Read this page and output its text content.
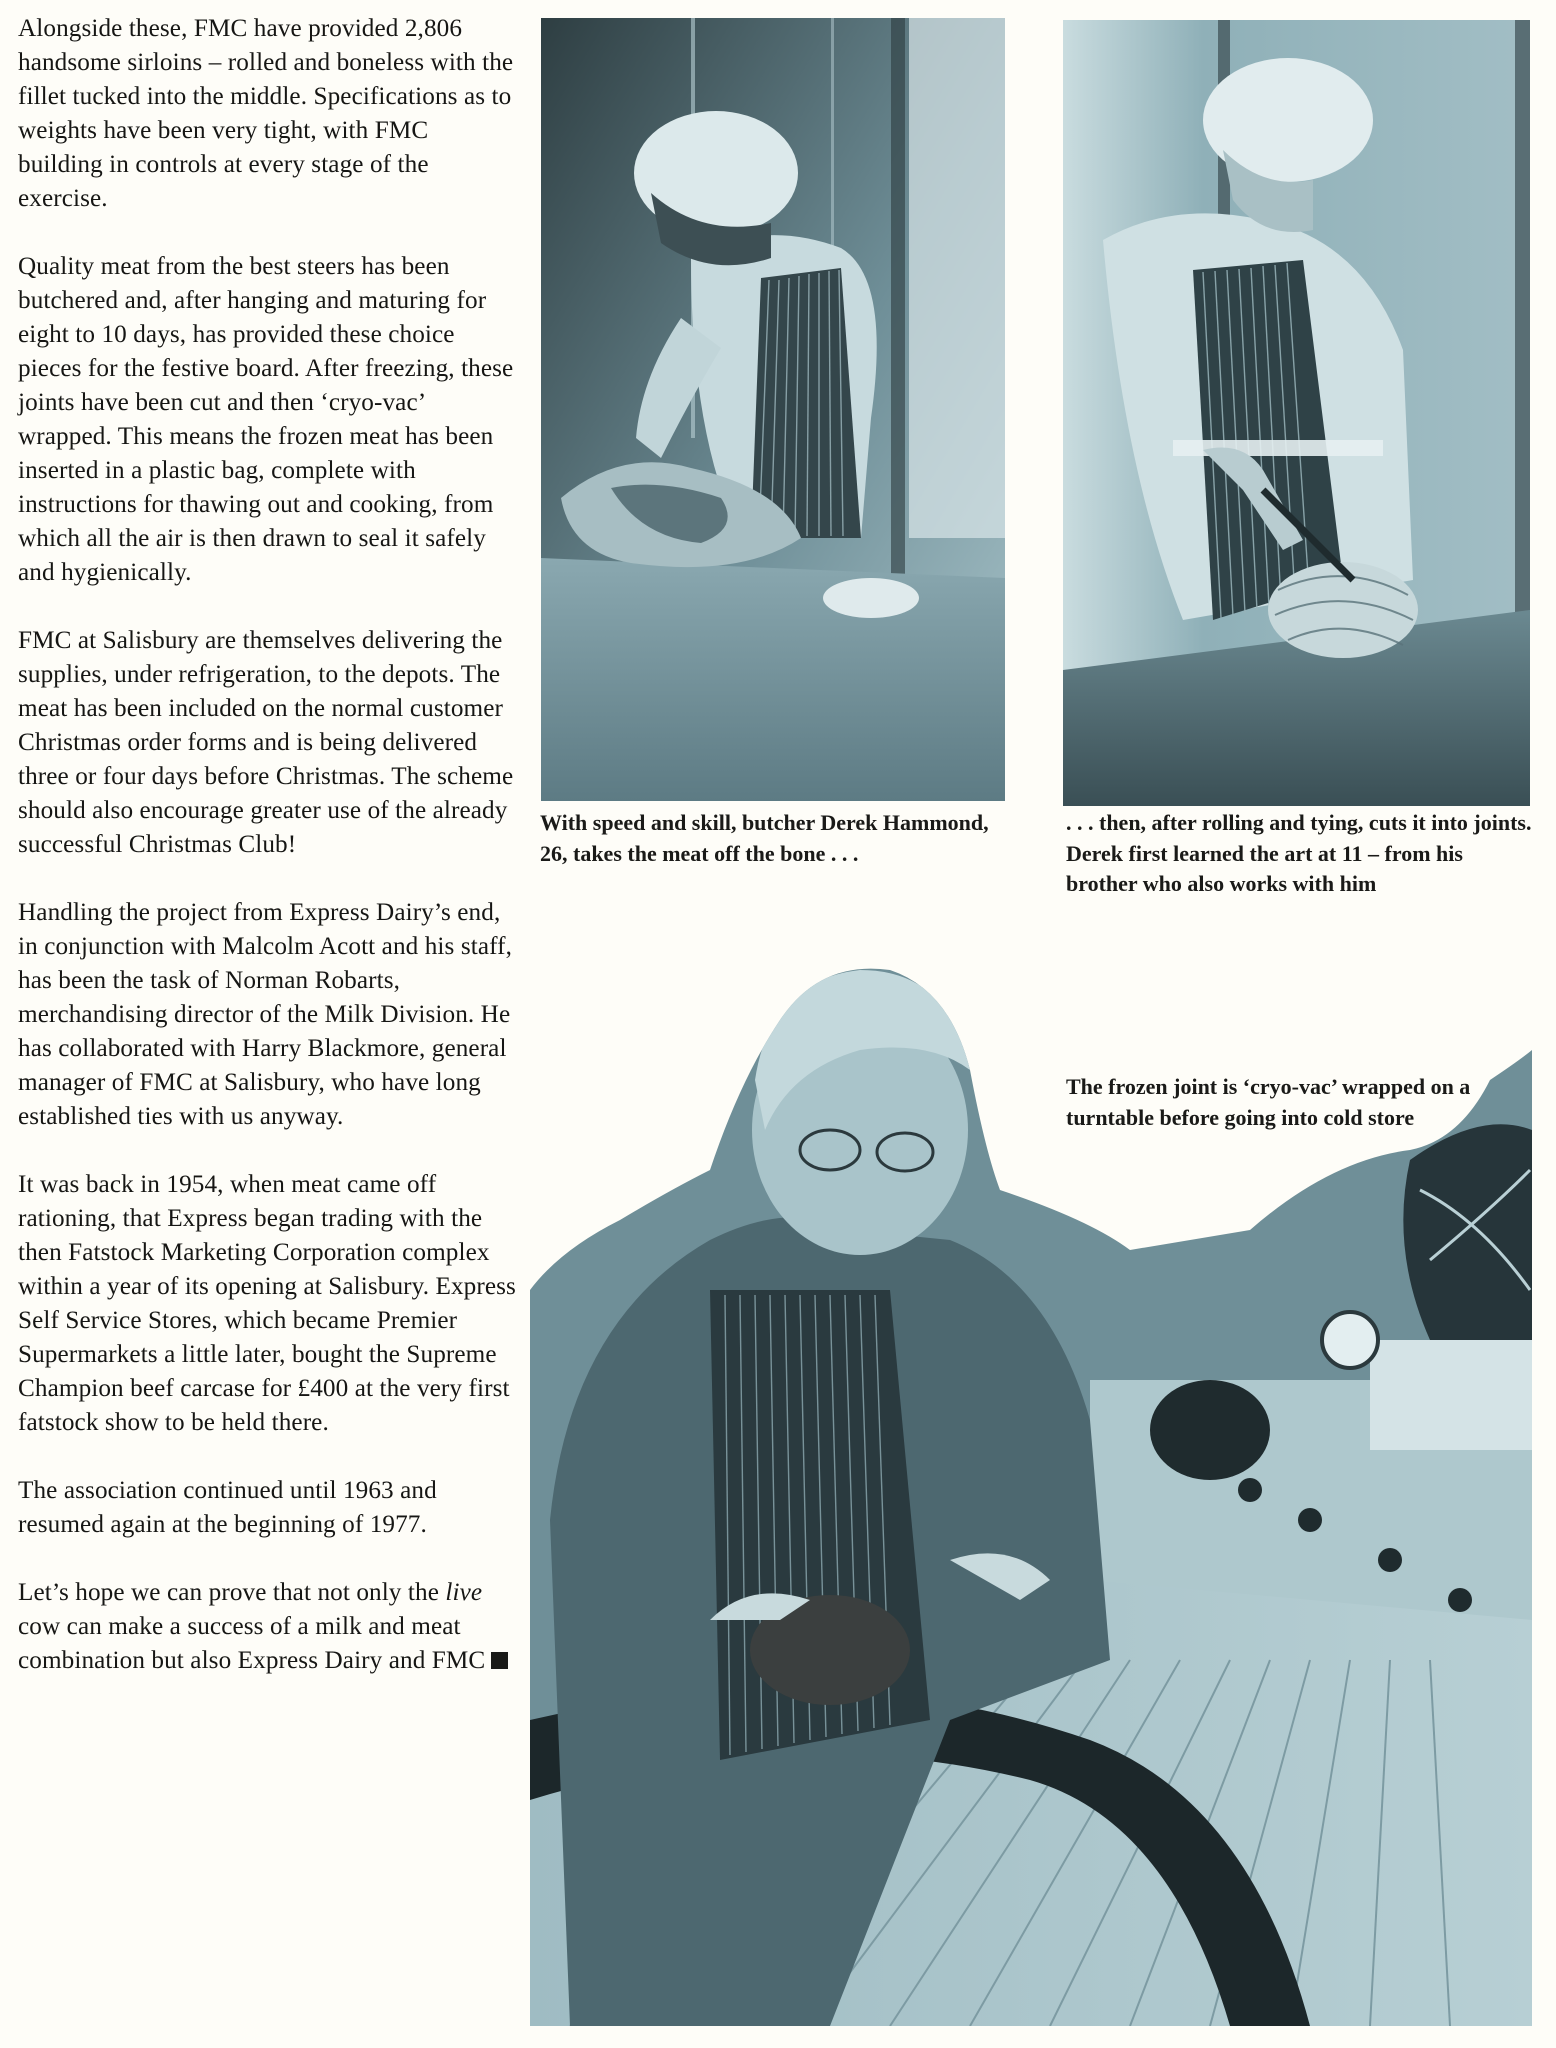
Alongside these, FMC have provided 2,806 handsome sirloins – rolled and boneless with the fillet tucked into the middle. Specifications as to weights have been very tight, with FMC building in controls at every stage of the exercise.

Quality meat from the best steers has been butchered and, after hanging and maturing for eight to 10 days, has provided these choice pieces for the festive board. After freezing, these joints have been cut and then ‘cryo-vac’ wrapped. This means the frozen meat has been inserted in a plastic bag, complete with instructions for thawing out and cooking, from which all the air is then drawn to seal it safely and hygienically.

FMC at Salisbury are themselves delivering the supplies, under refrigeration, to the depots. The meat has been included on the normal customer Christmas order forms and is being delivered three or four days before Christmas. The scheme should also encourage greater use of the already successful Christmas Club!

Handling the project from Express Dairy’s end, in conjunction with Malcolm Acott and his staff, has been the task of Norman Robarts, merchandising director of the Milk Division. He has collaborated with Harry Blackmore, general manager of FMC at Salisbury, who have long established ties with us anyway.

It was back in 1954, when meat came off rationing, that Express began trading with the then Fatstock Marketing Corporation complex within a year of its opening at Salisbury. Express Self Service Stores, which became Premier Supermarkets a little later, bought the Supreme Champion beef carcase for £400 at the very first fatstock show to be held there.

The association continued until 1963 and resumed again at the beginning of 1977.

Let’s hope we can prove that not only the live cow can make a success of a milk and meat combination but also Express Dairy and FMC

With speed and skill, butcher Derek Hammond, 26, takes the meat off the bone . . .
. . . then, after rolling and tying, cuts it into joints. Derek first learned the art at 11 – from his brother who also works with him
The frozen joint is ‘cryo-vac’ wrapped on a turntable before going into cold store
